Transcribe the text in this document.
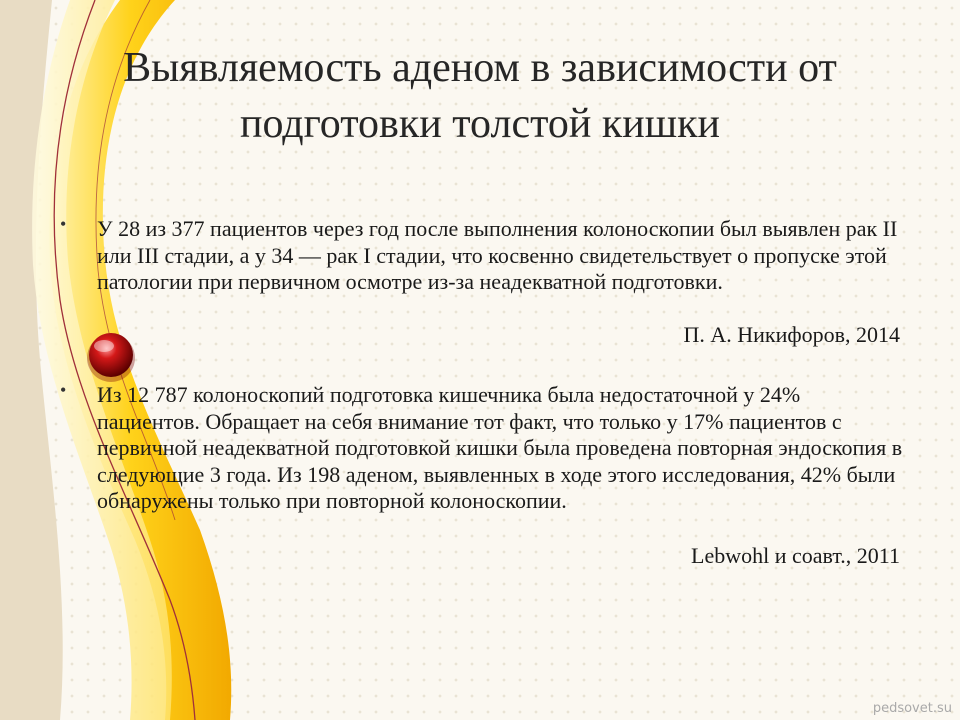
Выявляемость аденом в зависимости от
подготовки толстой кишки
• У 28 из 377 пациентов через год после выполнения колоноскопии был выявлен рак II или III стадии, а у 34 — рак I стадии, что косвенно свидетельствует о пропуске этой патологии при первичном осмотре из-за неадекватной подготовки.

П. А. Никифоров, 2014
• Из 12 787 колоноскопий подготовка кишечника была недостаточной у 24% пациентов. Обращает на себя внимание тот факт, что только у 17% пациентов с первичной неадекватной подготовкой кишки была проведена повторная эндоскопия в следующие 3 года. Из 198 аденом, выявленных в ходе этого исследования, 42% были обнаружены только при повторной колоноскопии.

Lebwohl и соавт., 2011
pedsovet.su
